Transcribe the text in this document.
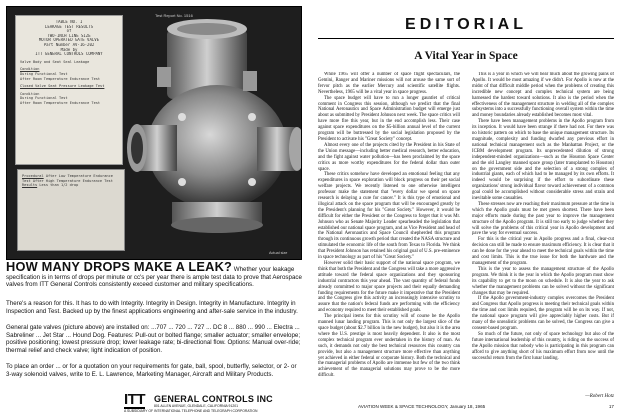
TABLE NO. 1
LEAKAGE TEST RESULTS
of
TWO-INCH LINE SIZE
MOTOR OPERATED GATE VALVE
Part Number AV-16-202
Made by
ITT GENERAL CONTROLS COMPANY
Valve Body and Seat Seal Leakage
Condition
During Functional Test
After Room Temperature Endurance Test
Closed Valve Seat Pressure Leakage Test
Condition
During Functional Test
After Room Temperature Endurance Test
Procedural After Low Temperature Endurance Test After High Temperature Endurance Test Results Less than 1/2 drop
Test Report No. 1516
Actual size
HOW MANY DROPS MAKE A LEAK? Whether your leakage specification is in terms of drops per minute or cc's per year there is ample test data to prove that Aerospace valves from ITT General Controls consistently exceed customer and military specifications.
There's a reason for this. It has to do with Integrity. Integrity in Design. Integrity in Manufacture. Integrity in Inspection and Test. Backed up by the finest applications engineering and after-sale service in the industry.
General gate valves (picture above) are installed on: ...707 ... 720 ... 727 ... DC 8 ... 880 ... 990 ... Electra ... Sabreliner ... Jet Star ... Hound Dog. Features: Pull-out or bolted flange; smaller actuator; smaller envelope; positive positioning; lowest pressure drop; lower leakage rate; bi-directional flow. Options: Manual over-ride; thermal relief and check valve; light indication of position.
To place an order ... or for a quotation on your requirements for gate, ball, spool, butterfly, selector, or 2- or 3-way solenoid valves, write to E. L. Lawrence, Marketing Manager, Aircraft and Military Products.
ITT GENERAL CONTROLS INC
801 ALLEN AVENUE, GLENDALE, CALIFORNIA 91201
A SUBSIDIARY OF INTERNATIONAL TELEPHONE AND TELEGRAPH CORPORATION
EDITORIAL
A Vital Year in Space

While 1965 will offer a number of space flight spectaculars, the Gemini, Ranger and Mariner missions will not arouse the same sort of fervor pitch as the earlier Mercury and scientific satellite flights. Nevertheless, 1965 will be a vital year in space progress.

The space budget will have to run a longer gauntlet of critical comment in Congress this session, although we predict that the final National Aeronautics and Space Administration budget will emerge just about as submitted by President Johnson next week. The space critics will have more fire this year, but in the end accomplish less. Their case against space expenditures on the $5-billion annual level of the current program will be buttressed by the social legislation proposed by the President to activate his "Great Society" concept.

Almost every one of the projects cited by the President in his State of the Union message—including better medical research, better education, and the fight against water pollution—has been proclaimed by the space critics as more worthy expenditures for the federal dollar than outer space.

These critics somehow have developed an emotional feeling that any expenditures in space exploration will block progress on their pet social welfare projects. We recently listened to one otherwise intelligent professor make the statement that "every dollar we spend on space research is delaying a cure for cancer." It is this type of emotional and illogical attack on the space program that will be encouraged greatly by the President's planning for his "Great Society." However, it would be difficult for either the President or the Congress to forget that it was Mr. Johnson who as Senate Majority Leader spearheaded the legislation that established our national space program, and as Vice President and head of the National Aeronautics and Space Council shepherded this program through its continuous growth period that created the NASA structure and stimulated the economic life of the south from Texas to Florida. We think that President Johnson has retained his original goal of U.S. pre-eminence in space technology as part of his "Great Society."

However solid their basic support of the national space program, we think that both the President and the Congress will take a more aggressive attitude toward the federal space organizations and they sponsoring industrial contractors this year ahead. The vast quantity of federal funds already committed to major space projects and their equally demanding funding requirements for the future make it imperative that the President and the Congress give this activity an increasingly intensive scrutiny to assure that the nation's federal funds are performing with the efficiency and economy required to meet their established goals.

The principal items for this scrutiny will of course be the Apollo manned lunar landing program. This is not only the largest slice of the space budget (about $2.7 billion in the new budget), but also it is the area where the U.S. prestige is most heavily dependent. It also is the most complex technical program ever undertaken in the history of man. As such, it demands not only the best technical resources this country can provide, but also a management structure more effective than anything yet achieved in either federal or corporate history. Both the technical and the managerial problems of Apollo are immense but few of the two think achievement of the managerial solutions may prove to be the more difficult.

This is a year in which we will hear much about the growing pains of Apollo. It would be most amazing if we didn't. For Apollo is now at the midst of that difficult middle period when the problems of creating this incredible new concept and complex technical system are being harnessed the hardest toward solutions. It also is the period when the effectiveness of the management structure in welding all of the complex subsystems into a successfully functioning overall system within the time and money boundaries already established becomes most vital.

There have been management problems in the Apollo program from its inception. It would have been strange if there had not. For there was no historic pattern on which to base the unique management structure. Its magnitude, complexity and funding dwarfed any previous effort in national technical management such as the Manhattan Project, or the ICBM development program. Its unprecedented dilution of strong independent-minded organizations—such as the Houston Space Center and the old Langley manned space group (later transplanted to Houston) on the government side and the selection of a strong complex of industrial giants, each of which had to be managed by its own efforts. It indeed would be surprising if the effort to subordinate these organizations' strong individual flavor toward achievement of a common goal could be accomplished without considerable stress and strain and inevitable some casualties.

These stresses now are reaching their maximum pressure at the time in which the Apollo goals must be met green shortest. There have been major efforts made during the past year to improve the management structure of the Apollo program. It is still too early to judge whether they will solve the problems of this critical year in Apollo development and pave the way for eventual success.

For this is the critical year in Apollo progress and a final, clear-cut decision can still be made to ensure maximum efficiency. It is clear that it can be done for the year ahead to meet the technical goals within the time and cost limits. This is the true issue for both the hardware and the management of the program.

This is the year to assess the management structure of the Apollo program. We think it is the year in which the Apollo program must show its capability to get to the moon on schedule. It is also the year to ask whether the management problems can be solved without the significant changes that may be required.

If the Apollo government-industry complex overcomes the President and Congress that Apollo progress is meeting their technical goals within the time and cost limits required, the program will be on its way. If not, the national space program will give appreciably higher costs. But if many of the unrealistic problems can be solved, the Congress can give a consent-based program.

So much of the future, not only of space technology but also of the future international leadership of this country, is riding on the success of the Apollo mission that nobody who is participating in this program can afford to give anything short of his maximum effort from now until the successful return from the first lunar landing.

—Robert Hotz
AVIATION WEEK & SPACE TECHNOLOGY, January 18, 1965	17
